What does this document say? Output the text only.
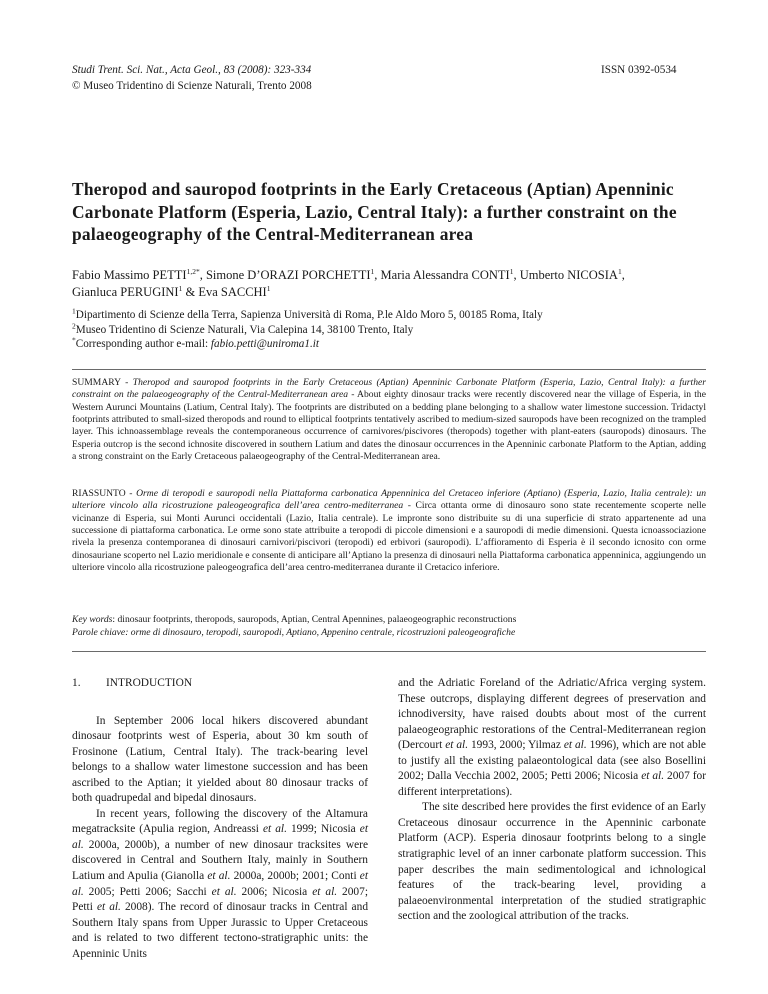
Studi Trent. Sci. Nat., Acta Geol., 83 (2008): 323-334
© Museo Tridentino di Scienze Naturali, Trento 2008
ISSN 0392-0534
Theropod and sauropod footprints in the Early Cretaceous (Aptian) Apenninic Carbonate Platform (Esperia, Lazio, Central Italy): a further constraint on the palaeogeography of the Central-Mediterranean area
Fabio Massimo $PETTI^{1,2*}$, Simone D’ORAZI PORCHETTI$^1$, Maria Alessandra CONTI$^1$, Umberto NICOSIA$^1$,
Gianluca PERUGINI$^1$ & Eva SACCHI$^1$
$^1$Dipartimento di Scienze della Terra, Sapienza Università di Roma, P.le Aldo Moro 5, 00185 Roma, Italy
$^2$Museo Tridentino di Scienze Naturali, Via Calepina 14, 38100 Trento, Italy
*Corresponding author e-mail: fabio.petti@uniroma1.it
SUMMARY - Theropod and sauropod footprints in the Early Cretaceous (Aptian) Apenninic Carbonate Platform (Esperia, Lazio, Central Italy): a further constraint on the palaeogeography of the Central-Mediterranean area - About eighty dinosaur tracks were recently discovered near the village of Esperia, in the Western Aurunci Mountains (Latium, Central Italy). The footprints are distributed on a bedding plane belonging to a shallow water limestone succession. Tridactyl footprints attributed to small-sized theropods and round to elliptical footprints tentatively ascribed to medium-sized sauropods have been recognized on the trampled layer. This ichnoassemblage reveals the contemporaneous occurrence of carnivores/piscivores (theropods) together with plant-eaters (sauropods) dinosaurs. The Esperia outcrop is the second ichnosite discovered in southern Latium and dates the dinosaur occurrences in the Apenninic carbonate Platform to the Aptian, adding a strong constraint on the Early Cretaceous palaeogeography of the Central-Mediterranean area.
RIASSUNTO - Orme di teropodi e sauropodi nella Piattaforma carbonatica Appenninica del Cretaceo inferiore (Aptiano) (Esperia, Lazio, Italia centrale): un ulteriore vincolo alla ricostruzione paleogeografica dell’area centro-mediterranea - Circa ottanta orme di dinosauro sono state recentemente scoperte nelle vicinanze di Esperia, sui Monti Aurunci occidentali (Lazio, Italia centrale). Le impronte sono distribuite su di una superficie di strato appartenente ad una successione di piattaforma carbonatica. Le orme sono state attribuite a teropodi di piccole dimensioni e a sauropodi di medie dimensioni. Questa icnoassociazione rivela la presenza contemporanea di dinosauri carnivori/piscivori (teropodi) ed erbivori (sauropodi). L’affioramento di Esperia è il secondo icnosito con orme dinosauriane scoperto nel Lazio meridionale e consente di anticipare all’Aptiano la presenza di dinosauri nella Piattaforma carbonatica appenninica, aggiungendo un ulteriore vincolo alla ricostruzione paleogeografica dell’area centro-mediterranea durante il Cretacico inferiore.
Key words: dinosaur footprints, theropods, sauropods, Aptian, Central Apennines, palaeogeographic reconstructions
Parole chiave: orme di dinosauro, teropodi, sauropodi, Aptiano, Appenino centrale, ricostruzioni paleogeografiche
1. INTRODUCTION

In September 2006 local hikers discovered abundant dinosaur footprints west of Esperia, about 30 km south of Frosinone (Latium, Central Italy). The track-bearing level belongs to a shallow water limestone succession and has been ascribed to the Aptian; it yielded about 80 dinosaur tracks of both quadrupedal and bipedal dinosaurs.

In recent years, following the discovery of the Altamura megatracksite (Apulia region, Andreassi et al. 1999; Nicosia et al. 2000a, 2000b), a number of new dinosaur tracksites were discovered in Central and Southern Italy, mainly in Southern Latium and Apulia (Gianolla et al. 2000a, 2000b; 2001; Conti et al. 2005; Petti 2006; Sacchi et al. 2006; Nicosia et al. 2007; Petti et al. 2008). The record of dinosaur tracks in Central and Southern Italy spans from Upper Jurassic to Upper Cretaceous and is related to two different tectono-stratigraphic units: the Apenninic Units

and the Adriatic Foreland of the Adriatic/Africa verging system. These outcrops, displaying different degrees of preservation and ichnodiversity, have raised doubts about most of the current palaeogeographic restorations of the Central-Mediterranean region (Dercourt et al. 1993, 2000; Yilmaz et al. 1996), which are not able to justify all the existing palaeontological data (see also Bosellini 2002; Dalla Vecchia 2002, 2005; Petti 2006; Nicosia et al. 2007 for different interpretations).

The site described here provides the first evidence of an Early Cretaceous dinosaur occurrence in the Apenninic carbonate Platform (ACP). Esperia dinosaur footprints belong to a single stratigraphic level of an inner carbonate platform succession. This paper describes the main sedimentological and ichnological features of the track-bearing level, providing a palaeoenvironmental interpretation of the studied stratigraphic section and the zoological attribution of the tracks.
